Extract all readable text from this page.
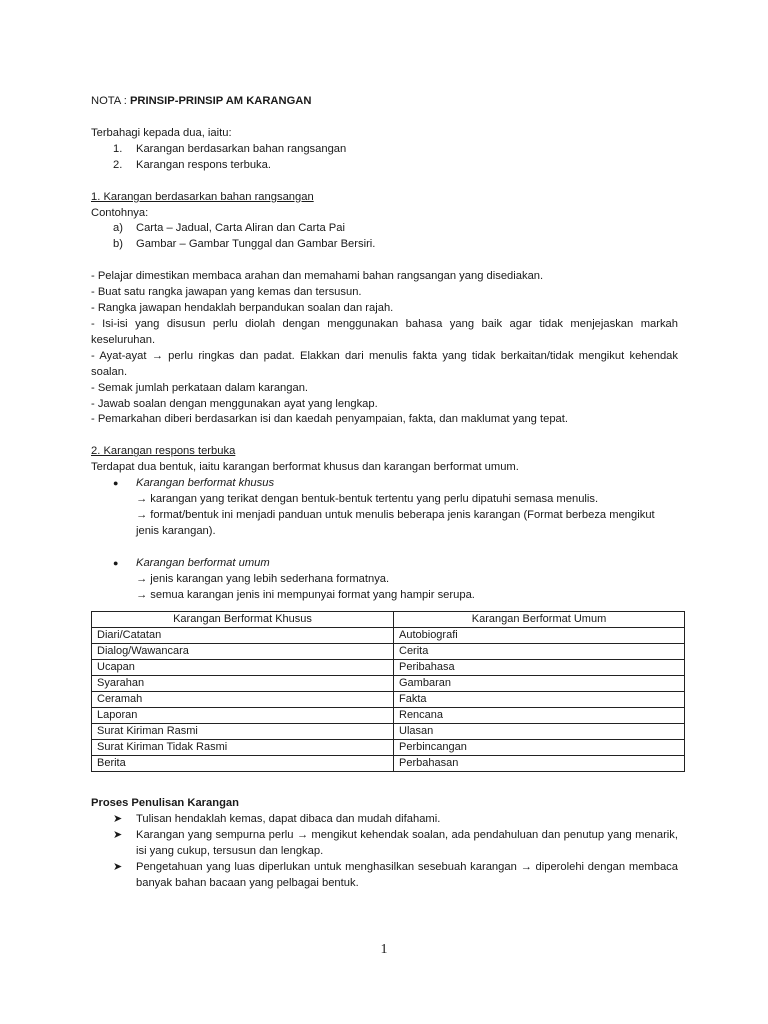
NOTA : PRINSIP-PRINSIP AM KARANGAN

Terbahagi kepada dua, iaitu:

1.	Karangan berdasarkan bahan rangsangan
2.	Karangan respons terbuka.

1. Karangan berdasarkan bahan rangsangan

Contohnya:

a)	Carta – Jadual, Carta Aliran dan Carta Pai
b)	Gambar – Gambar Tunggal dan Gambar Bersiri.

- Pelajar dimestikan membaca arahan dan memahami bahan rangsangan yang disediakan.

- Buat satu rangka jawapan yang kemas dan tersusun.

- Rangka jawapan hendaklah berpandukan soalan dan rajah.

- Isi-isi yang disusun perlu diolah dengan menggunakan bahasa yang baik agar tidak menjejaskan markah keseluruhan.

- Ayat-ayat → perlu ringkas dan padat. Elakkan dari menulis fakta yang tidak berkaitan/tidak mengikut kehendak soalan.

- Semak jumlah perkataan dalam karangan.

- Jawab soalan dengan menggunakan ayat yang lengkap.

- Pemarkahan diberi berdasarkan isi dan kaedah penyampaian, fakta, dan maklumat yang tepat.

2. Karangan respons terbuka

Terdapat dua bentuk, iaitu karangan berformat khusus dan karangan berformat umum.

●	Karangan berformat khusus

→ karangan yang terikat dengan bentuk-bentuk tertentu yang perlu dipatuhi semasa menulis.

→ format/bentuk ini menjadi panduan untuk menulis beberapa jenis karangan (Format berbeza mengikut jenis karangan).

●	Karangan berformat umum

→ jenis karangan yang lebih sederhana formatnya.

→ semua karangan jenis ini mempunyai format yang hampir serupa.

Karangan Berformat Khusus	Karangan Berformat Umum
Diari/Catatan	Autobiografi
Dialog/Wawancara	Cerita
Ucapan	Peribahasa
Syarahan	Gambaran
Ceramah	Fakta
Laporan	Rencana
Surat Kiriman Rasmi	Ulasan
Surat Kiriman Tidak Rasmi	Perbincangan
Berita	Perbahasan

Proses Penulisan Karangan

➤	Tulisan hendaklah kemas, dapat dibaca dan mudah difahami.
➤	Karangan yang sempurna perlu → mengikut kehendak soalan, ada pendahuluan dan penutup yang menarik, isi yang cukup, tersusun dan lengkap.
➤	Pengetahuan yang luas diperlukan untuk menghasilkan sesebuah karangan → diperolehi dengan membaca banyak bahan bacaan yang pelbagai bentuk.
1
